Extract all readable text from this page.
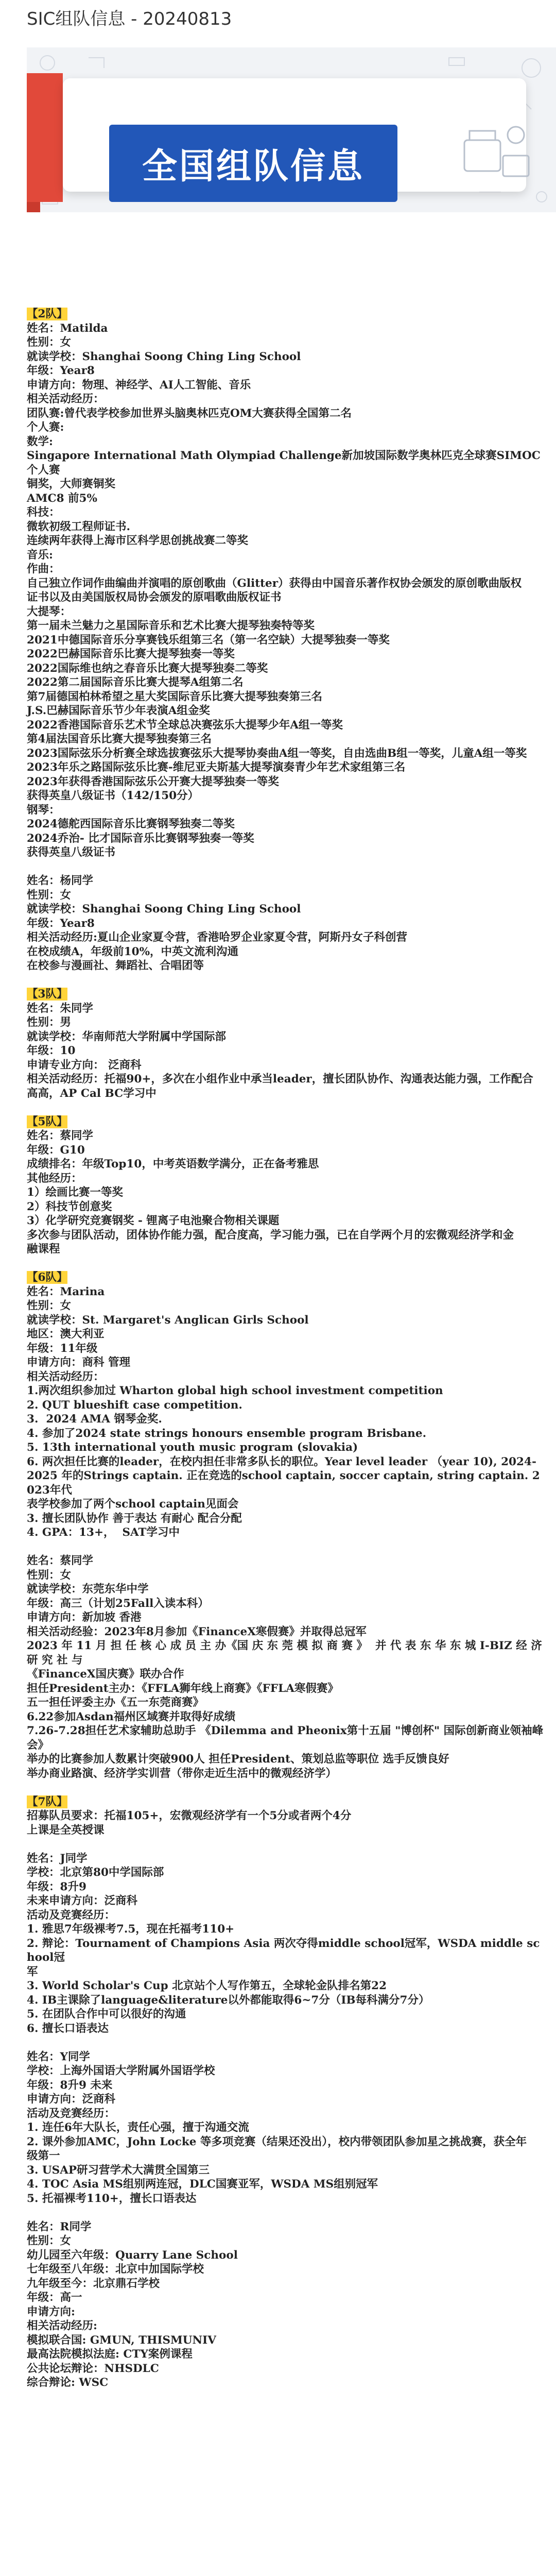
SIC组队信息 - 20240813
全国组队信息
【2队】
姓名：Matilda
性别：女
就读学校：Shanghai Soong Ching Ling School
年级：Year8
申请方向：物理、神经学、AI人工智能、音乐
相关活动经历：
团队赛:曾代表学校参加世界头脑奥林匹克OM大赛获得全国第二名
个人赛:
数学:
Singapore International Math Olympiad Challenge新加坡国际数学奥林匹克全球赛SIMOC个人赛
铜奖，大师赛铜奖
AMC8 前5%
科技：
微软初级工程师证书.
连续两年获得上海市区科学思创挑战赛二等奖
音乐:
作曲：
自己独立作词作曲编曲并演唱的原创歌曲（Glitter）获得由中国音乐著作权协会颁发的原创歌曲版权
证书以及由美国版权局协会颁发的原唱歌曲版权证书
大提琴：
第一届未兰魅力之星国际音乐和艺术比赛大提琴独奏特等奖
2021中德国际音乐分享赛钱乐组第三名（第一名空缺）大提琴独奏一等奖
2022巴赫国际音乐比赛大提琴独奏一等奖
2022国际维也纳之春音乐比赛大提琴独奏二等奖
2022第二届国际音乐比赛大提琴A组第二名
第7届德国柏林希望之星大奖国际音乐比赛大提琴独奏第三名
J.S.巴赫国际音乐节少年表演A组金奖
2022香港国际音乐艺术节全球总决赛弦乐大提琴少年A组一等奖
第4届法国音乐比赛大提琴独奏第三名
2023国际弦乐分析赛全球选拔赛弦乐大提琴协奏曲A组一等奖，自由选曲B组一等奖，儿童A组一等奖
2023年乐之路国际弦乐比赛-维尼亚夫斯基大提琴演奏青少年艺术家组第三名
2023年获得香港国际弦乐公开赛大提琴独奏一等奖
获得英皇八级证书（142/150分）
钢琴：
2024德舵西国际音乐比赛钢琴独奏二等奖
2024乔治- 比才国际音乐比赛钢琴独奏一等奖
获得英皇八级证书
姓名：杨同学
性别：女
就读学校：Shanghai Soong Ching Ling School
年级：Year8
相关活动经历:夏山企业家夏令营，香港哈罗企业家夏令营，阿斯丹女子科创营
在校成绩A，年级前10%，中英文流利沟通
在校参与漫画社、舞蹈社、合唱团等
【3队】
姓名：朱同学
性别：男
就读学校：华南师范大学附属中学国际部
年级：10
申请专业方向： 泛商科
相关活动经历：托福90+，多次在小组作业中承当leader，擅长团队协作、沟通表达能力强，工作配合
高高，AP Cal BC学习中
【5队】
姓名：蔡同学
年级：G10
成绩排名：年级Top10，中考英语数学满分，正在备考雅思
其他经历：
1）绘画比赛一等奖
2）科技节创意奖
3）化学研究竞赛钢奖 - 锂离子电池聚合物相关课题
多次参与团队活动，团体协作能力强，配合度高，学习能力强，已在自学两个月的宏微观经济学和金
融课程
【6队】
姓名：Marina
性别：女
就读学校：St. Margaret's Anglican Girls School
地区：澳大利亚
年级：11年级
申请方向：商科 管理
相关活动经历：
1.两次组织参加过 Wharton global high school investment competition
2. QUT blueshift case competition.
3.  2024 AMA 钢琴金奖.
4. 参加了2024 state strings honours ensemble program Brisbane.
5. 13th international youth music program (slovakia)
6. 两次担任比赛的leader，在校内担任非常多队长的职位。Year level leader （year 10), 2024-
2025 年的Strings captain. 正在竞选的school captain, soccer captain, string captain. 2023年代
表学校参加了两个school captain见面会
3. 擅长团队协作 善于表达 有耐心 配合分配
4. GPA：13+，  SAT学习中
姓名：蔡同学
性别：女
就读学校：东莞东华中学
年级：高三（计划25Fall入读本科）
申请方向：新加坡 香港
相关活动经验：2023年8月参加《FinanceX寒假赛》并取得总冠军
2023 年 11 月 担 任 核 心 成 员 主 办《国 庆 东 莞 模 拟 商 赛 》  并 代 表 东 华 东 城 I-BIZ 经 济 研 究 社 与
《FinanceX国庆赛》联办合作
担任President主办：《FFLA狮年线上商赛》《FFLA寒假赛》
五一担任评委主办《五一东莞商赛》
6.22参加Asdan福州区域赛并取得好成绩
7.26-7.28担任艺术家辅助总助手 《Dilemma and Pheonix第十五届 "博创杯" 国际创新商业领袖峰
会》
举办的比赛参加人数累计突破900人 担任President、策划总监等职位 选手反馈良好
举办商业路演、经济学实训营（带你走近生活中的微观经济学）
【7队】
招募队员要求：托福105+，宏微观经济学有一个5分或者两个4分
上课是全英授课
姓名：J同学
学校：北京第80中学国际部
年级：8升9
未来申请方向：泛商科
活动及竞赛经历：
1. 雅思7年级裸考7.5，现在托福考110+
2. 辩论：Tournament of Champions Asia 两次夺得middle school冠军，WSDA middle school冠
军
3. World Scholar's Cup 北京站个人写作第五，全球轮金队排名第22
4. IB主课除了language&literature以外都能取得6~7分（IB每科满分7分）
5. 在团队合作中可以很好的沟通
6. 擅长口语表达
姓名：Y同学
学校：上海外国语大学附属外国语学校
年级：8升9 未来
申请方向：泛商科
活动及竞赛经历：
1. 连任6年大队长，责任心强，擅于沟通交流
2. 课外参加AMC，John Locke 等多项竞赛（结果还没出），校内带领团队参加星之挑战赛，获全年
级第一
3. USAP研习营学术大满贯全国第三
4. TOC Asia MS组别两连冠，DLC国赛亚军，WSDA MS组别冠军
5. 托福裸考110+，擅长口语表达
姓名：R同学
性别：女
幼儿园至六年级：Quarry Lane School
七年级至八年级：北京中加国际学校
九年级至今：北京鼎石学校
年级：高一
申请方向:
相关活动经历:
模拟联合国: GMUN, THISMUNIV
最高法院模拟法庭: CTY案例课程
公共论坛辩论：NHSDLC
综合辩论: WSC
